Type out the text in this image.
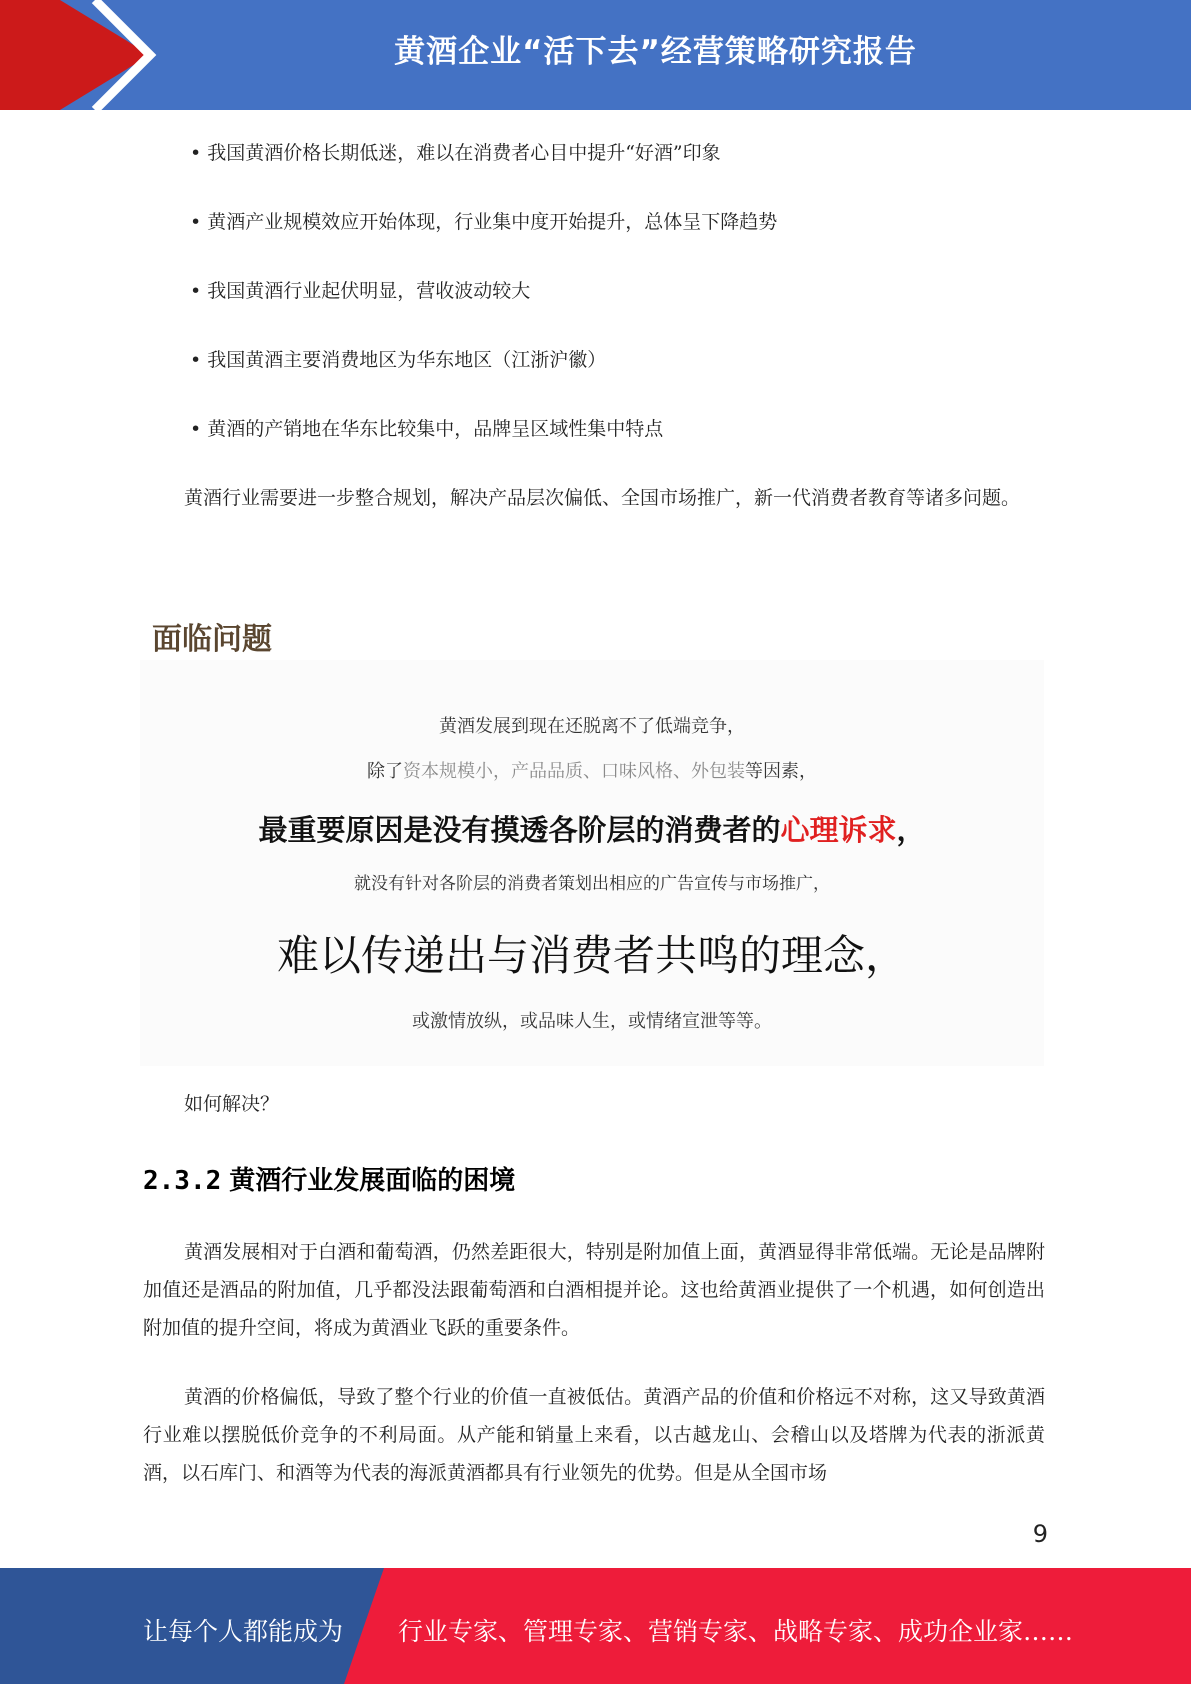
黄酒企业“活下去”经营策略研究报告
• 我国黄酒价格长期低迷，难以在消费者心目中提升“好酒”印象
• 黄酒产业规模效应开始体现，行业集中度开始提升，总体呈下降趋势
• 我国黄酒行业起伏明显，营收波动较大
• 我国黄酒主要消费地区为华东地区（江浙沪徽）
• 黄酒的产销地在华东比较集中，品牌呈区域性集中特点
黄酒行业需要进一步整合规划，解决产品层次偏低、全国市场推广，新一代消费者教育等诸多问题。
面临问题
黄酒发展到现在还脱离不了低端竞争，
除了资本规模小，产品品质、口味风格、外包装等因素，
最重要原因是没有摸透各阶层的消费者的心理诉求，
就没有针对各阶层的消费者策划出相应的广告宣传与市场推广，
难以传递出与消费者共鸣的理念，
或激情放纵，或品味人生，或情绪宣泄等等。
如何解决？
2.3.2 黄酒行业发展面临的困境
黄酒发展相对于白酒和葡萄酒，仍然差距很大，特别是附加值上面，黄酒显得非常低端。无论是品牌附加值还是酒品的附加值，几乎都没法跟葡萄酒和白酒相提并论。这也给黄酒业提供了一个机遇，如何创造出附加值的提升空间，将成为黄酒业飞跃的重要条件。
黄酒的价格偏低，导致了整个行业的价值一直被低估。黄酒产品的价值和价格远不对称，这又导致黄酒行业难以摆脱低价竞争的不利局面。从产能和销量上来看，以古越龙山、会稽山以及塔牌为代表的浙派黄酒，以石库门、和酒等为代表的海派黄酒都具有行业领先的优势。但是从全国市场
9
让每个人都能成为 行业专家、管理专家、营销专家、战略专家、成功企业家……
